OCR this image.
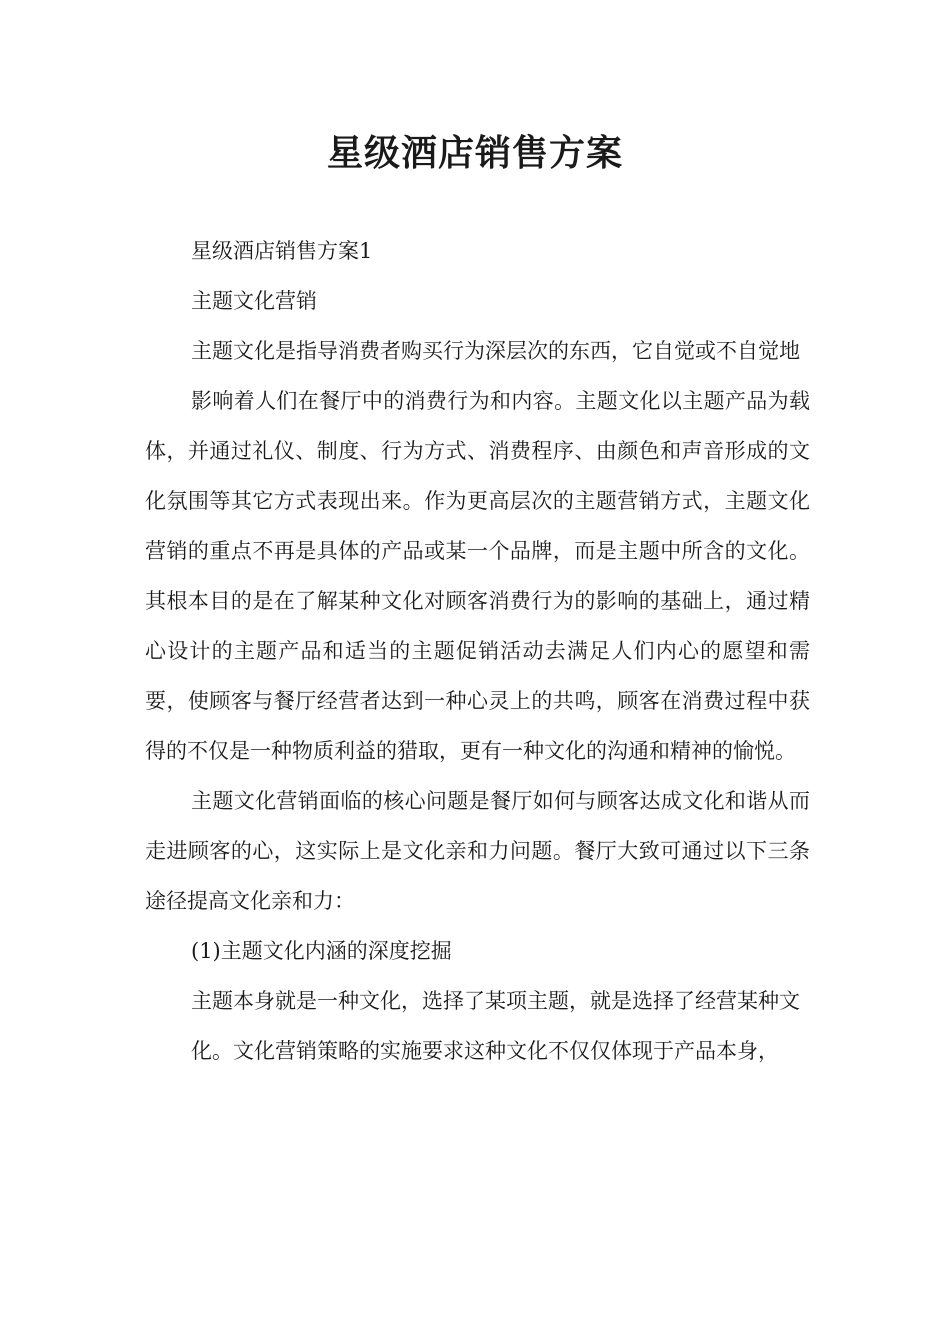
星级酒店销售方案

星级酒店销售方案1

主题文化营销

主题文化是指导消费者购买行为深层次的东西，它自觉或不自觉地

影响着人们在餐厅中的消费行为和内容。主题文化以主题产品为载体，并通过礼仪、制度、行为方式、消费程序、由颜色和声音形成的文化氛围等其它方式表现出来。作为更高层次的主题营销方式，主题文化营销的重点不再是具体的产品或某一个品牌，而是主题中所含的文化。其根本目的是在了解某种文化对顾客消费行为的影响的基础上，通过精心设计的主题产品和适当的主题促销活动去满足人们内心的愿望和需要，使顾客与餐厅经营者达到一种心灵上的共鸣，顾客在消费过程中获得的不仅是一种物质利益的猎取，更有一种文化的沟通和精神的愉悦。

主题文化营销面临的核心问题是餐厅如何与顾客达成文化和谐从而走进顾客的心，这实际上是文化亲和力问题。餐厅大致可通过以下三条途径提高文化亲和力：

(1)主题文化内涵的深度挖掘

主题本身就是一种文化，选择了某项主题，就是选择了经营某种文

化。文化营销策略的实施要求这种文化不仅仅体现于产品本身，
